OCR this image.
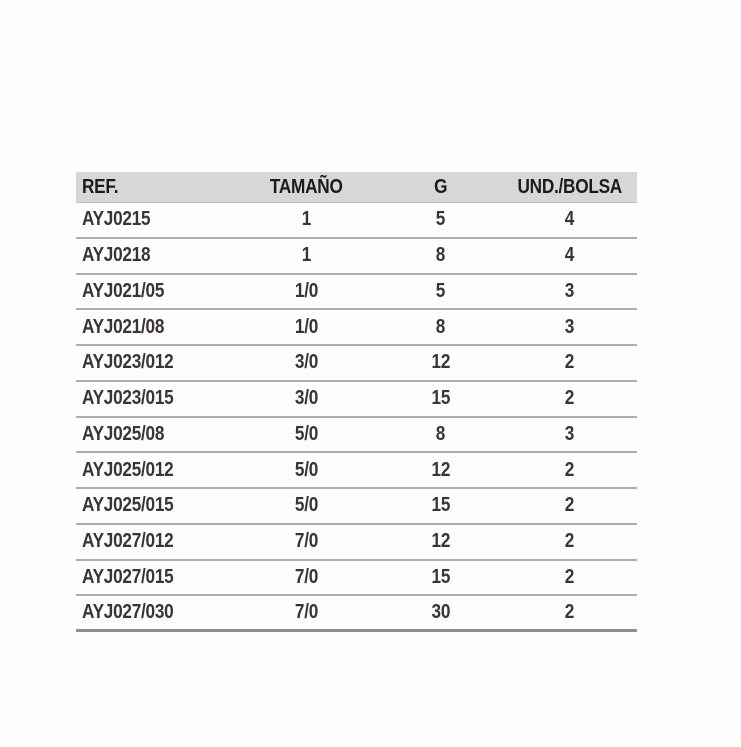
REF.	TAMAÑO	G	UND./BOLSA
AYJ0215	1	5	4
AYJ0218	1	8	4
AYJ021/05	1/0	5	3
AYJ021/08	1/0	8	3
AYJ023/012	3/0	12	2
AYJ023/015	3/0	15	2
AYJ025/08	5/0	8	3
AYJ025/012	5/0	12	2
AYJ025/015	5/0	15	2
AYJ027/012	7/0	12	2
AYJ027/015	7/0	15	2
AYJ027/030	7/0	30	2
